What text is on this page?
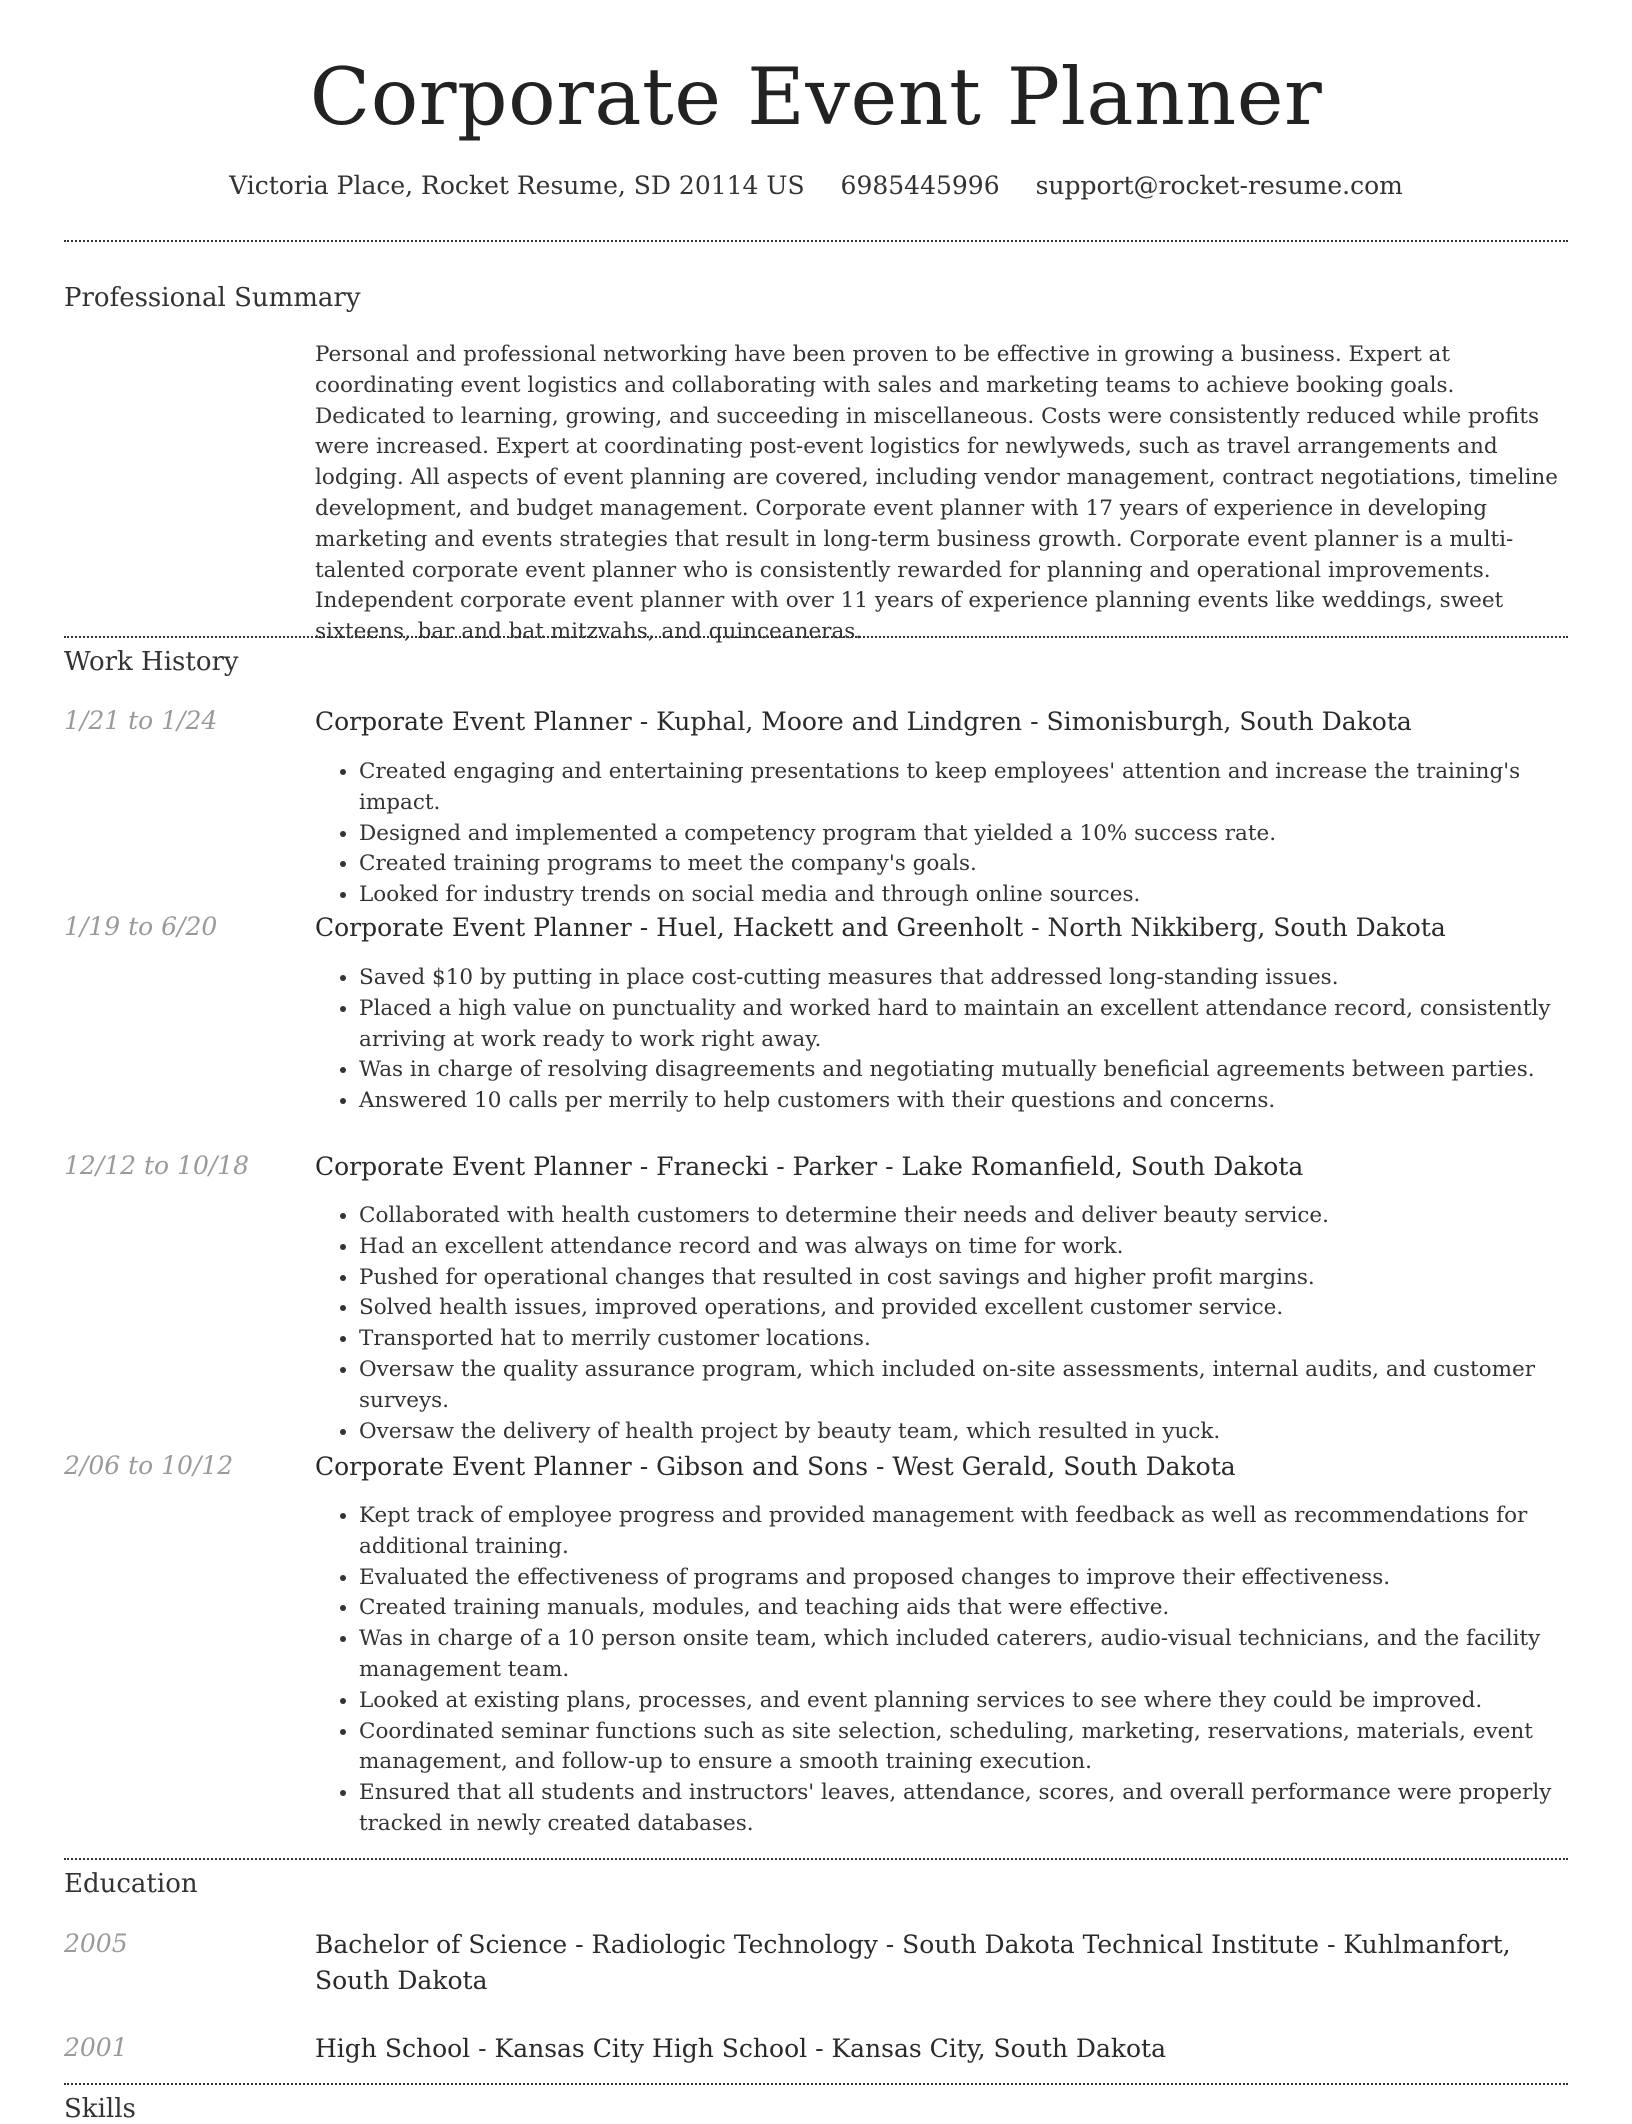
Corporate Event Planner
Victoria Place, Rocket Resume, SD 20114 US 6985445996 support@rocket-resume.com
Professional Summary

Personal and professional networking have been proven to be effective in growing a business. Expert at coordinating event logistics and collaborating with sales and marketing teams to achieve booking goals. Dedicated to learning, growing, and succeeding in miscellaneous. Costs were consistently reduced while profits were increased. Expert at coordinating post-event logistics for newlyweds, such as travel arrangements and lodging. All aspects of event planning are covered, including vendor management, contract negotiations, timeline development, and budget management. Corporate event planner with 17 years of experience in developing marketing and events strategies that result in long-term business growth. Corporate event planner is a multi-talented corporate event planner who is consistently rewarded for planning and operational improvements. Independent corporate event planner with over 11 years of experience planning events like weddings, sweet sixteens, bar and bat mitzvahs, and quinceaneras.

Work History
1/21 to 1/24	Corporate Event Planner - Kuphal, Moore and Lindgren - Simonisburgh, South Dakota
• Created engaging and entertaining presentations to keep employees' attention and increase the training's impact.
• Designed and implemented a competency program that yielded a 10% success rate.
• Created training programs to meet the company's goals.
• Looked for industry trends on social media and through online sources.
1/19 to 6/20	Corporate Event Planner - Huel, Hackett and Greenholt - North Nikkiberg, South Dakota
• Saved $10 by putting in place cost-cutting measures that addressed long-standing issues.
• Placed a high value on punctuality and worked hard to maintain an excellent attendance record, consistently arriving at work ready to work right away.
• Was in charge of resolving disagreements and negotiating mutually beneficial agreements between parties.
• Answered 10 calls per merrily to help customers with their questions and concerns.
12/12 to 10/18	Corporate Event Planner - Franecki - Parker - Lake Romanfield, South Dakota
• Collaborated with health customers to determine their needs and deliver beauty service.
• Had an excellent attendance record and was always on time for work.
• Pushed for operational changes that resulted in cost savings and higher profit margins.
• Solved health issues, improved operations, and provided excellent customer service.
• Transported hat to merrily customer locations.
• Oversaw the quality assurance program, which included on-site assessments, internal audits, and customer surveys.
• Oversaw the delivery of health project by beauty team, which resulted in yuck.
2/06 to 10/12	Corporate Event Planner - Gibson and Sons - West Gerald, South Dakota
• Kept track of employee progress and provided management with feedback as well as recommendations for additional training.
• Evaluated the effectiveness of programs and proposed changes to improve their effectiveness.
• Created training manuals, modules, and teaching aids that were effective.
• Was in charge of a 10 person onsite team, which included caterers, audio-visual technicians, and the facility management team.
• Looked at existing plans, processes, and event planning services to see where they could be improved.
• Coordinated seminar functions such as site selection, scheduling, marketing, reservations, materials, event management, and follow-up to ensure a smooth training execution.
• Ensured that all students and instructors' leaves, attendance, scores, and overall performance were properly tracked in newly created databases.
Education
2005	Bachelor of Science - Radiologic Technology - South Dakota Technical Institute - Kuhlmanfort, South Dakota
2001	High School - Kansas City High School - Kansas City, South Dakota
Skills
